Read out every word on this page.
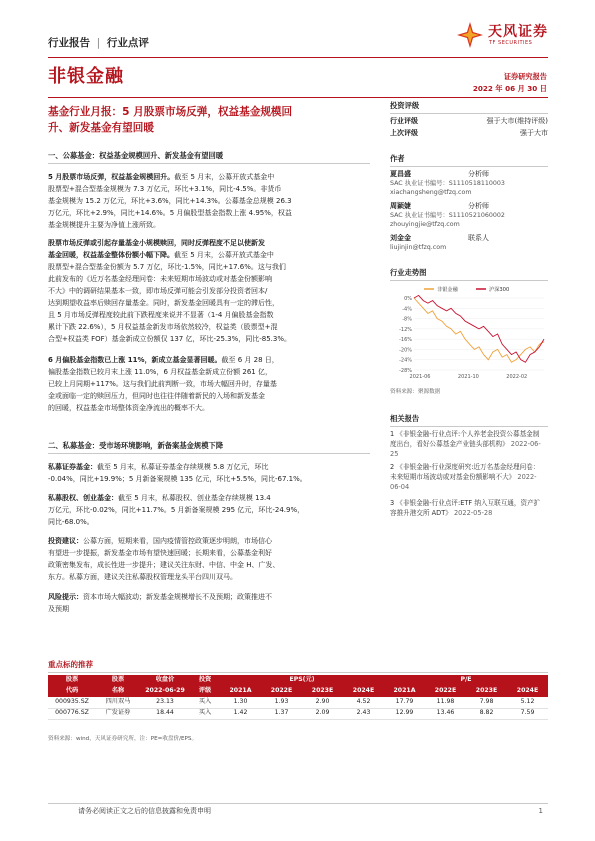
行业报告 | 行业点评
天风证券
TF SECURITIES
非银金融	证券研究报告
2022 年 06 月 30 日
基金行业月报：5 月股票市场反弹，权益基金规模回
升、新发基金有望回暖
一、公募基金：权益基金规模回升、新发基金有望回暖
5 月股票市场反弹，权益基金规模回升。截至 5 月末，公募开放式基金中
股票型+混合型基金规模为 7.3 万亿元，环比+3.1%，同比-4.5%。非货币
基金规模为 15.2 万亿元，环比+3.6%，同比+14.3%。公募基金总规模 26.3
万亿元，环比+2.9%，同比+14.6%。5 月偏股型基金指数上涨 4.95%，权益
基金规模提升主要为净值上涨所致。
股票市场反弹或引起存量基金小规模赎回，同时反弹程度不足以使新发
基金回暖，权益基金整体份额小幅下降。截至 5 月末，公募开放式基金中
股票型+混合型基金份额为 5.7 万亿，环比-1.5%，同比+17.6%。这与我们
此前发布的《近万名基金经理问卷：未来短期市场波动或对基金份额影响
不大》中的调研结果基本一致，即市场反弹可能会引发部分投资者回本/
达到期望收益率后赎回存量基金。同时，新发基金回暖具有一定的滞后性，
且 5 月市场反弹程度较此前下跌程度来说并不显著（1-4 月偏股基金指数
累计下跌 22.6%），5 月权益基金新发市场依然较冷，权益类（股票型+混
合型+权益类 FOF）基金新成立份额仅 137 亿，环比-25.3%，同比-85.3%。
6 月偏股基金指数已上涨 11%，新成立基金显著回暖。截至 6 月 28 日，
偏股基金指数已较月末上涨 11.0%，6 月权益基金新成立份额 261 亿，
已较上月同期+117%。这与我们此前判断一致，市场大幅回升时，存量基
金或面临一定的赎回压力，但同时也往往伴随着新民的入场和新发基金
的回暖，权益基金市场整体资金净流出的概率不大。
二、私募基金：受市场环境影响，新备案基金规模下降
私募证券基金：截至 5 月末，私募证券基金存续规模 5.8 万亿元，环比
-0.04%，同比+19.9%；5 月新备案规模 135 亿元，环比+5.5%，同比-67.1%。
私募股权、创业基金：截至 5 月末，私募股权、创业基金存续规模 13.4
万亿元，环比-0.02%，同比+11.7%。5 月新备案规模 295 亿元，环比-24.9%，
同比-68.0%。
投资建议：公募方面，短期来看，国内疫情管控政策逐步明朗，市场信心
有望进一步提振，新发基金市场有望快速回暖；长期来看，公募基金利好
政策密集发布，成长性进一步提升；建议关注东财、中信、中金 H、广发、
东方。私募方面，建议关注私募股权管理龙头平台四川双马。
风险提示：资本市场大幅波动；新发基金规模增长不及预期；政策推进不
及预期
投资评级
行业评级	强于大市(维持评级)
上次评级	强于大市
作者
夏昌盛	分析师
SAC 执业证书编号：S1110518110003
xiachangsheng@tfzq.com
周颖婕	分析师
SAC 执业证书编号：S1110521060002
zhouyingjie@tfzq.com
刘金金	联系人
liujinjin@tfzq.com
行业走势图
0%
-4%
-8%
-12%
-16%
-20%
-24%
-28%
2021-06	2021-10	2022-02
非银金融	沪深300
资料来源：聚源数据
相关报告
1 《非银金融-行业点评:个人养老金投资公募基金制度出台，看好公募基金产业链头部机构》 2022-06-25
2 《非银金融-行业深度研究:近万名基金经理问卷：未来短期市场波动或对基金份额影响不大》 2022-06-04
3 《非银金融-行业点评:ETF 纳入互联互通，资产扩容推升港交所 ADT》 2022-05-28
重点标的推荐
股票	股票	收盘价	投资	EPS(元)				P/E			
代码	名称	2022-06-29	评级	2021A	2022E	2023E	2024E	2021A	2022E	2023E	2024E
000935.SZ	四川双马	23.13	买入	1.30	1.93	2.90	4.52	17.79	11.98	7.98	5.12
000776.SZ	广发证券	18.44	买入	1.42	1.37	2.09	2.43	12.99	13.46	8.82	7.59
资料来源：wind，天风证券研究所，注：PE=收盘价/EPS。
请务必阅读正文之后的信息披露和免责申明	1
